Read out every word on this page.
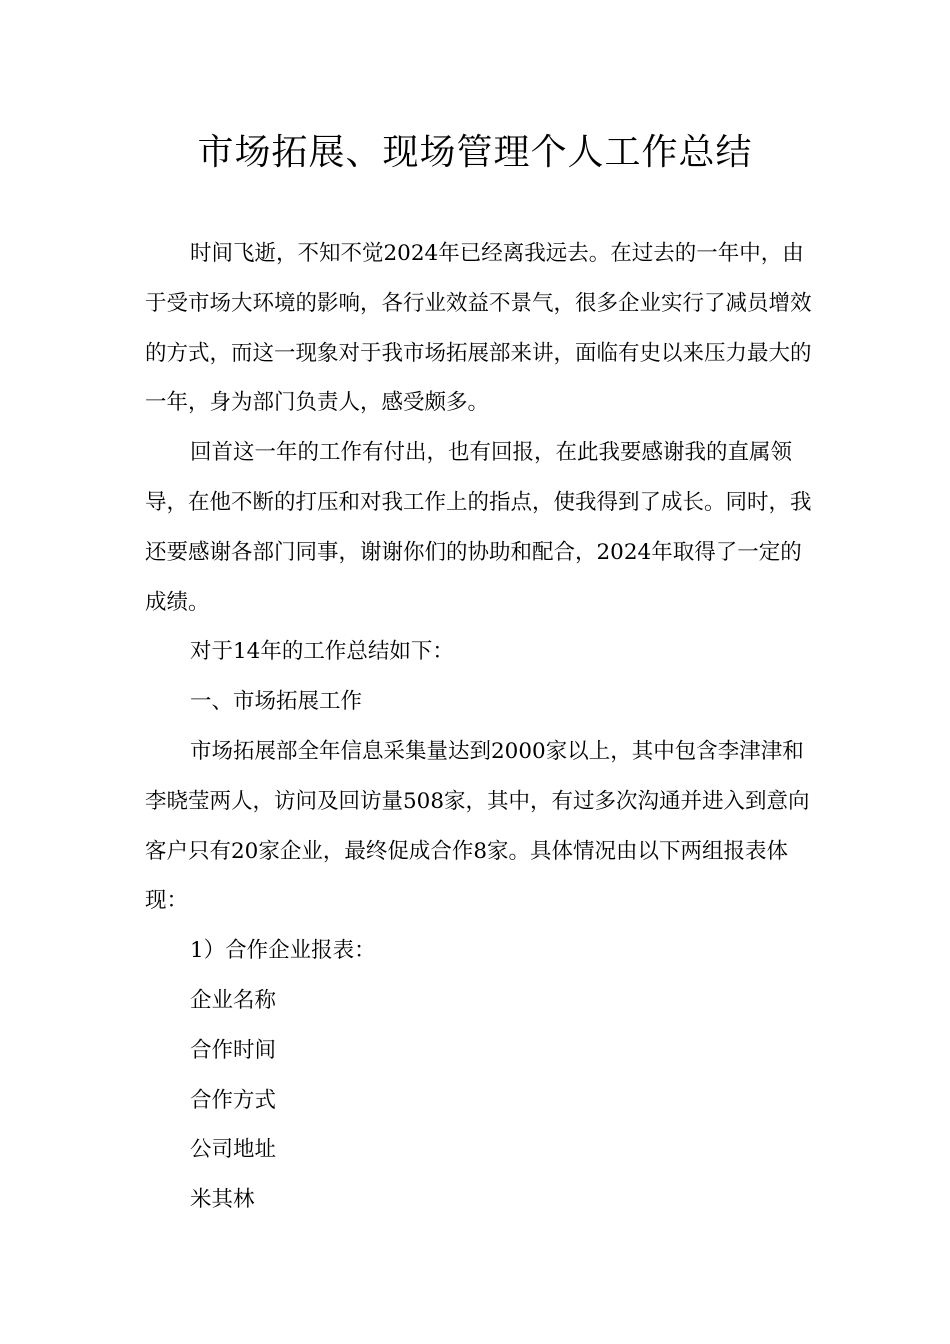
市场拓展、现场管理个人工作总结

时间飞逝，不知不觉2024年已经离我远去。在过去的一年中，由于受市场大环境的影响，各行业效益不景气，很多企业实行了减员增效的方式，而这一现象对于我市场拓展部来讲，面临有史以来压力最大的一年，身为部门负责人，感受颇多。

回首这一年的工作有付出，也有回报，在此我要感谢我的直属领导，在他不断的打压和对我工作上的指点，使我得到了成长。同时，我还要感谢各部门同事，谢谢你们的协助和配合，2024年取得了一定的成绩。

对于14年的工作总结如下：

一、市场拓展工作

市场拓展部全年信息采集量达到2000家以上，其中包含李津津和李晓莹两人，访问及回访量508家，其中，有过多次沟通并进入到意向客户只有20家企业，最终促成合作8家。具体情况由以下两组报表体现：

1）合作企业报表：

企业名称

合作时间

合作方式

公司地址

米其林
